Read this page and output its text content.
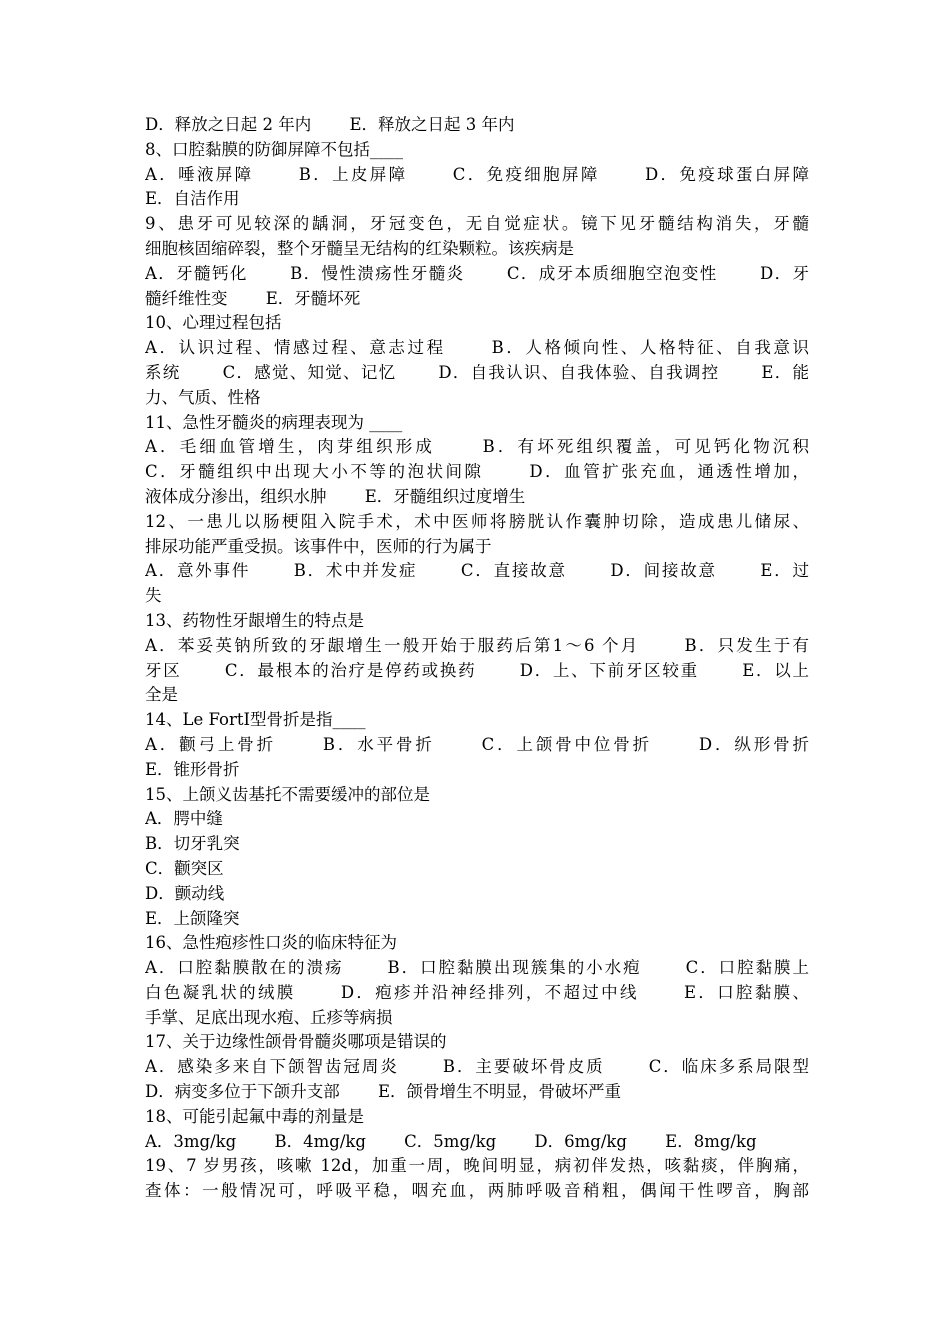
D．释放之日起 2 年内 　　E．释放之日起 3 年内
8、口腔黏膜的防御屏障不包括____
A．唾液屏障 　　B．上皮屏障 　　C．免疫细胞屏障 　　D．免疫球蛋白屏障
E．自洁作用
9、患牙可见较深的龋洞，牙冠变色，无自觉症状。镜下见牙髓结构消失，牙髓
细胞核固缩碎裂，整个牙髓呈无结构的红染颗粒。该疾病是
A．牙髓钙化 　　B．慢性溃疡性牙髓炎 　　C．成牙本质细胞空泡变性 　　D．牙
髓纤维性变 　　E．牙髓坏死
10、心理过程包括
A．认识过程、情感过程、意志过程 　　B．人格倾向性、人格特征、自我意识
系统 　　C．感觉、知觉、记忆 　　D．自我认识、自我体验、自我调控 　　E．能
力、气质、性格
11、急性牙髓炎的病理表现为 ____
A．毛细血管增生，肉芽组织形成 　　B．有坏死组织覆盖，可见钙化物沉积
C．牙髓组织中出现大小不等的泡状间隙 　　D．血管扩张充血，通透性增加，
液体成分渗出，组织水肿 　　E．牙髓组织过度增生
12、一患儿以肠梗阻入院手术，术中医师将膀胱认作囊肿切除，造成患儿储尿、
排尿功能严重受损。该事件中，医师的行为属于
A．意外事件 　　B．术中并发症 　　C．直接故意 　　D．间接故意 　　E．过
失
13、药物性牙龈增生的特点是
A．苯妥英钠所致的牙龈增生一般开始于服药后第1～6 个月 　　B．只发生于有
牙区 　　C．最根本的治疗是停药或换药 　　D．上、下前牙区较重 　　E．以上
全是
14、Le FortⅠ型骨折是指____
A．颧弓上骨折 　　B．水平骨折 　　C．上颌骨中位骨折 　　D．纵形骨折
E．锥形骨折
15、上颌义齿基托不需要缓冲的部位是
A．腭中缝
B．切牙乳突
C．颧突区
D．颤动线
E．上颌隆突
16、急性疱疹性口炎的临床特征为
A．口腔黏膜散在的溃疡 　　B．口腔黏膜出现簇集的小水疱 　　C．口腔黏膜上
白色凝乳状的绒膜 　　D．疱疹并沿神经排列，不超过中线 　　E．口腔黏膜、
手掌、足底出现水疱、丘疹等病损
17、关于边缘性颌骨骨髓炎哪项是错误的
A．感染多来自下颌智齿冠周炎 　　B．主要破坏骨皮质 　　C．临床多系局限型
D．病变多位于下颌升支部 　　E．颌骨增生不明显，骨破坏严重
18、可能引起氟中毒的剂量是
A．3mg/kg 　　B．4mg/kg 　　C．5mg/kg 　　D．6mg/kg 　　E．8mg/kg
19、7 岁男孩，咳嗽 12d，加重一周，晚间明显，病初伴发热，咳黏痰，伴胸痛，
查体：一般情况可，呼吸平稳，咽充血，两肺呼吸音稍粗，偶闻干性啰音，胸部
